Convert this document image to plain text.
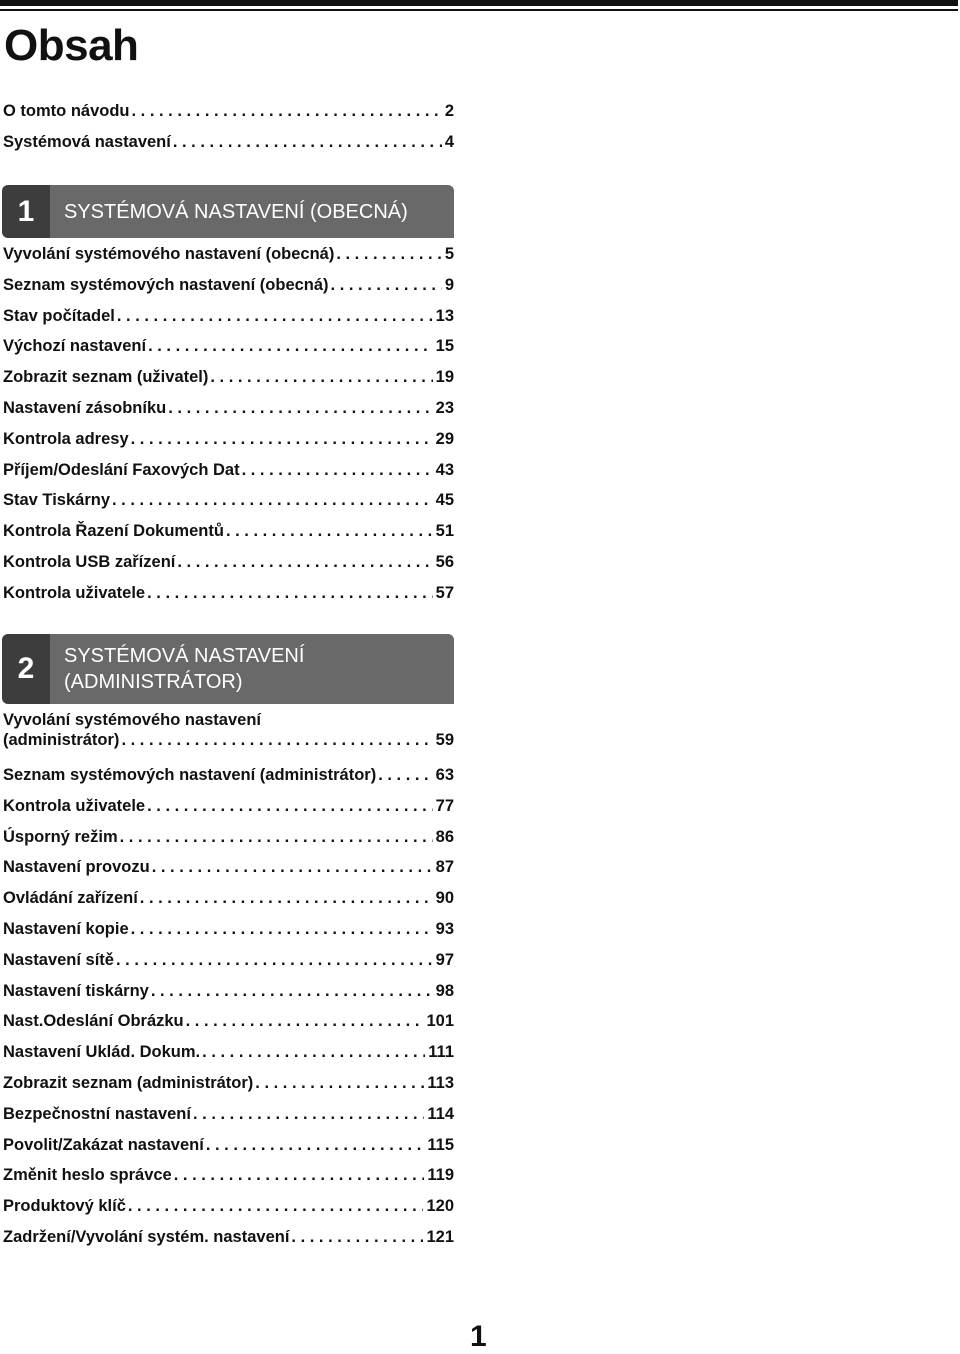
Obsah
O tomto návodu . . .	2
Systémová nastavení . . .	4
1	SYSTÉMOVÁ NASTAVENÍ (OBECNÁ)
Vyvolání systémového nastavení (obecná) . . .	5
Seznam systémových nastavení (obecná) . . .	9
Stav počítadel . . .	13
Výchozí nastavení . . .	15
Zobrazit seznam (uživatel) . . .	19
Nastavení zásobníku . . .	23
Kontrola adresy . . .	29
Příjem/Odeslání Faxových Dat . . .	43
Stav Tiskárny . . .	45
Kontrola Řazení Dokumentů . . .	51
Kontrola USB zařízení . . .	56
Kontrola uživatele . . .	57
2	SYSTÉMOVÁ NASTAVENÍ
(ADMINISTRÁTOR)
Vyvolání systémového nastavení
(administrátor) . . .	59
Seznam systémových nastavení (administrátor) . . .	63
Kontrola uživatele . . .	77
Úsporný režim . . .	86
Nastavení provozu . . .	87
Ovládání zařízení . . .	90
Nastavení kopie . . .	93
Nastavení sítě . . .	97
Nastavení tiskárny . . .	98
Nast.Odeslání Obrázku . . .	101
Nastavení Uklád. Dokum. . . .	111
Zobrazit seznam (administrátor) . . .	113
Bezpečnostní nastavení . . .	114
Povolit/Zakázat nastavení . . .	115
Změnit heslo správce . . .	119
Produktový klíč . . .	120
Zadržení/Vyvolání systém. nastavení . . .	121
1
